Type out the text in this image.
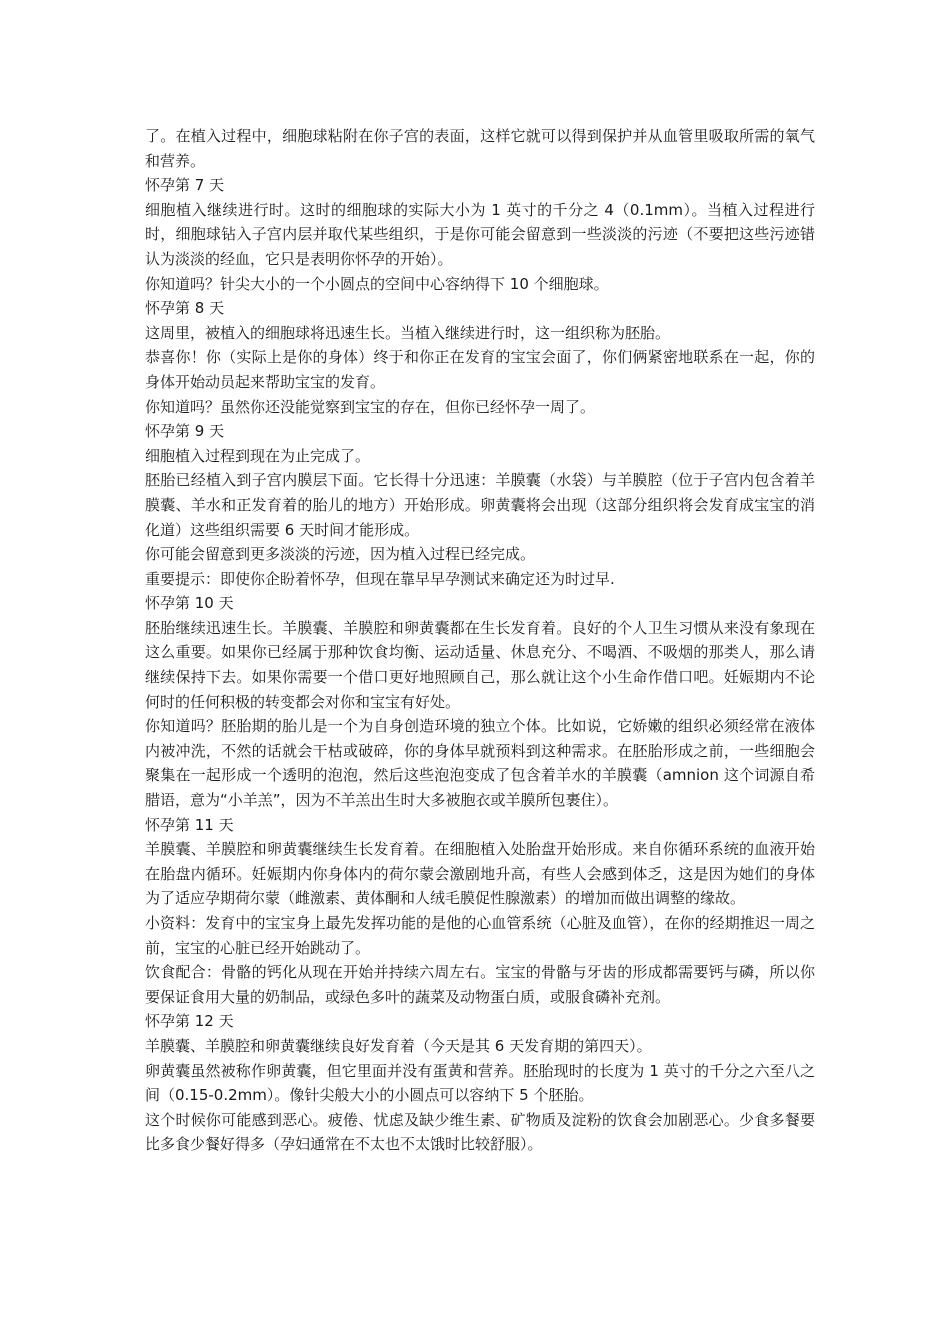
了。在植入过程中，细胞球粘附在你子宫的表面，这样它就可以得到保护并从血管里吸取所需的氧气和营养。

怀孕第 7 天

细胞植入继续进行时。这时的细胞球的实际大小为 1 英寸的千分之 4（0.1mm）。当植入过程进行时，细胞球钻入子宫内层并取代某些组织，于是你可能会留意到一些淡淡的污迹（不要把这些污迹错认为淡淡的经血，它只是表明你怀孕的开始）。

你知道吗？针尖大小的一个小圆点的空间中心容纳得下 10 个细胞球。

怀孕第 8 天

这周里，被植入的细胞球将迅速生长。当植入继续进行时，这一组织称为胚胎。

恭喜你！你（实际上是你的身体）终于和你正在发育的宝宝会面了，你们俩紧密地联系在一起，你的身体开始动员起来帮助宝宝的发育。

你知道吗？虽然你还没能觉察到宝宝的存在，但你已经怀孕一周了。

怀孕第 9 天

细胞植入过程到现在为止完成了。

胚胎已经植入到子宫内膜层下面。它长得十分迅速：羊膜囊（水袋）与羊膜腔（位于子宫内包含着羊膜囊、羊水和正发育着的胎儿的地方）开始形成。卵黄囊将会出现（这部分组织将会发育成宝宝的消化道）这些组织需要 6 天时间才能形成。

你可能会留意到更多淡淡的污迹，因为植入过程已经完成。

重要提示：即使你企盼着怀孕，但现在靠早早孕测试来确定还为时过早.

怀孕第 10 天

胚胎继续迅速生长。羊膜囊、羊膜腔和卵黄囊都在生长发育着。良好的个人卫生习惯从来没有象现在这么重要。如果你已经属于那种饮食均衡、运动适量、休息充分、不喝酒、不吸烟的那类人，那么请继续保持下去。如果你需要一个借口更好地照顾自己，那么就让这个小生命作借口吧。妊娠期内不论何时的任何积极的转变都会对你和宝宝有好处。

你知道吗？胚胎期的胎儿是一个为自身创造环境的独立个体。比如说，它娇嫩的组织必须经常在液体内被冲洗，不然的话就会干枯或破碎，你的身体早就预料到这种需求。在胚胎形成之前，一些细胞会聚集在一起形成一个透明的泡泡，然后这些泡泡变成了包含着羊水的羊膜囊（amnion 这个词源自希腊语，意为“小羊羔”，因为不羊羔出生时大多被胞衣或羊膜所包裹住）。

怀孕第 11 天

羊膜囊、羊膜腔和卵黄囊继续生长发育着。在细胞植入处胎盘开始形成。来自你循环系统的血液开始在胎盘内循环。妊娠期内你身体内的荷尔蒙会激剧地升高，有些人会感到体乏，这是因为她们的身体为了适应孕期荷尔蒙（雌激素、黄体酮和人绒毛膜促性腺激素）的增加而做出调整的缘故。

小资料：发育中的宝宝身上最先发挥功能的是他的心血管系统（心脏及血管），在你的经期推迟一周之前，宝宝的心脏已经开始跳动了。

饮食配合：骨骼的钙化从现在开始并持续六周左右。宝宝的骨骼与牙齿的形成都需要钙与磷，所以你要保证食用大量的奶制品，或绿色多叶的蔬菜及动物蛋白质，或服食磷补充剂。

怀孕第 12 天

羊膜囊、羊膜腔和卵黄囊继续良好发育着（今天是其 6 天发育期的第四天）。

卵黄囊虽然被称作卵黄囊，但它里面并没有蛋黄和营养。胚胎现时的长度为 1 英寸的千分之六至八之间（0.15-0.2mm）。像针尖般大小的小圆点可以容纳下 5 个胚胎。

这个时候你可能感到恶心。疲倦、忧虑及缺少维生素、矿物质及淀粉的饮食会加剧恶心。少食多餐要比多食少餐好得多（孕妇通常在不太也不太饿时比较舒服）。
